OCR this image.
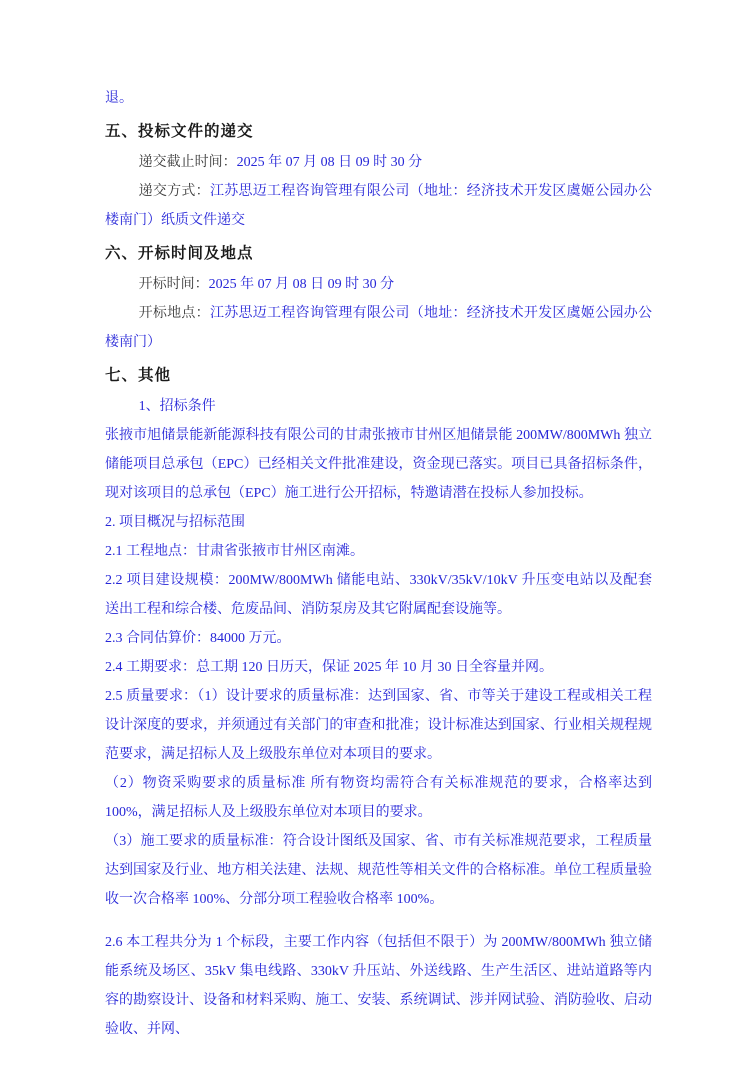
退。

五、投标文件的递交

递交截止时间：2025 年 07 月 08 日 09 时 30 分

递交方式：江苏思迈工程咨询管理有限公司（地址：经济技术开发区虞姬公园办公楼南门）纸质文件递交

六、开标时间及地点

开标时间：2025 年 07 月 08 日 09 时 30 分

开标地点：江苏思迈工程咨询管理有限公司（地址：经济技术开发区虞姬公园办公楼南门）

七、其他

1、招标条件

张掖市旭储景能新能源科技有限公司的甘肃张掖市甘州区旭储景能 200MW/800MWh 独立储能项目总承包（EPC）已经相关文件批准建设，资金现已落实。项目已具备招标条件，现对该项目的总承包（EPC）施工进行公开招标，特邀请潜在投标人参加投标。

2. 项目概况与招标范围

2.1 工程地点：甘肃省张掖市甘州区南滩。

2.2 项目建设规模：200MW/800MWh 储能电站、330kV/35kV/10kV 升压变电站以及配套送出工程和综合楼、危废品间、消防泵房及其它附属配套设施等。

2.3 合同估算价：84000 万元。

2.4 工期要求：总工期 120 日历天，保证 2025 年 10 月 30 日全容量并网。

2.5 质量要求：（1）设计要求的质量标准：达到国家、省、市等关于建设工程或相关工程设计深度的要求，并须通过有关部门的审查和批准；设计标准达到国家、行业相关规程规范要求，满足招标人及上级股东单位对本项目的要求。

（2）物资采购要求的质量标准 所有物资均需符合有关标准规范的要求，合格率达到 100%，满足招标人及上级股东单位对本项目的要求。

（3）施工要求的质量标准：符合设计图纸及国家、省、市有关标准规范要求，工程质量达到国家及行业、地方相关法建、法规、规范性等相关文件的合格标准。单位工程质量验收一次合格率 100%、分部分项工程验收合格率 100%。

2.6 本工程共分为 1 个标段，主要工作内容（包括但不限于）为 200MW/800MWh 独立储能系统及场区、35kV 集电线路、330kV 升压站、外送线路、生产生活区、进站道路等内容的勘察设计、设备和材料采购、施工、安装、系统调试、涉并网试验、消防验收、启动验收、并网、
